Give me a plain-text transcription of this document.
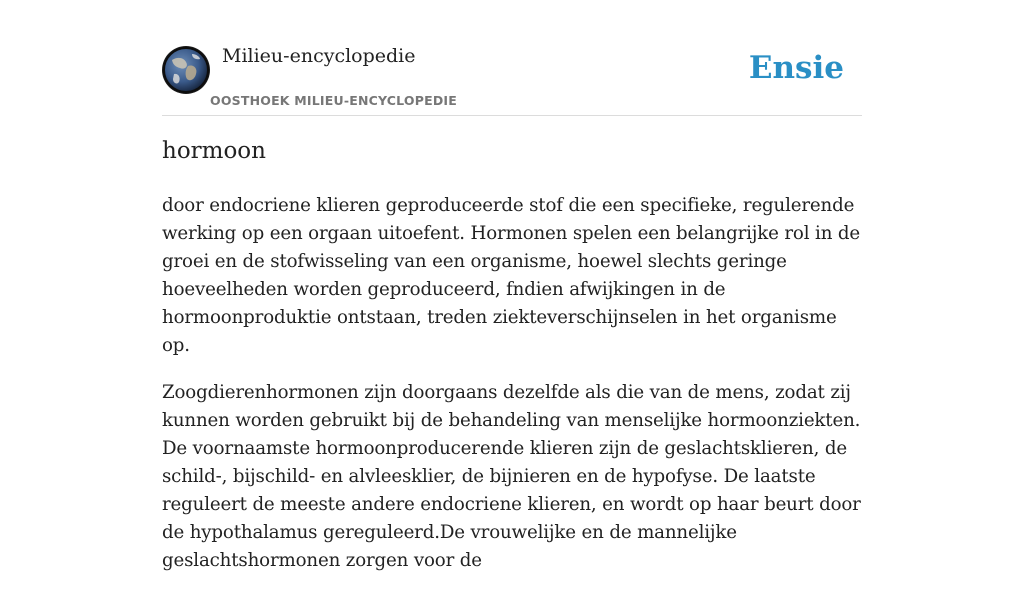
Milieu-encyclopedie
OOSTHOEK MILIEU-ENCYCLOPEDIE
Ensie
hormoon

door endocriene klieren geproduceerde stof die een specifieke, regulerende werking op een orgaan uitoefent. Hormonen spelen een belangrijke rol in de groei en de stofwisseling van een organisme, hoewel slechts geringe hoeveelheden worden geproduceerd, fndien afwijkingen in de hormoonproduktie ontstaan, treden ziekteverschijnselen in het organisme op.

Zoogdierenhormonen zijn doorgaans dezelfde als die van de mens, zodat zij kunnen worden gebruikt bij de behandeling van menselijke hormoonziekten. De voornaamste hormoonproducerende klieren zijn de geslachtsklieren, de schild-, bijschild- en alvleesklier, de bijnieren en de hypofyse. De laatste reguleert de meeste andere endocriene klieren, en wordt op haar beurt door de hypothalamus gereguleerd.De vrouwelijke en de mannelijke geslachtshormonen zorgen voor de
